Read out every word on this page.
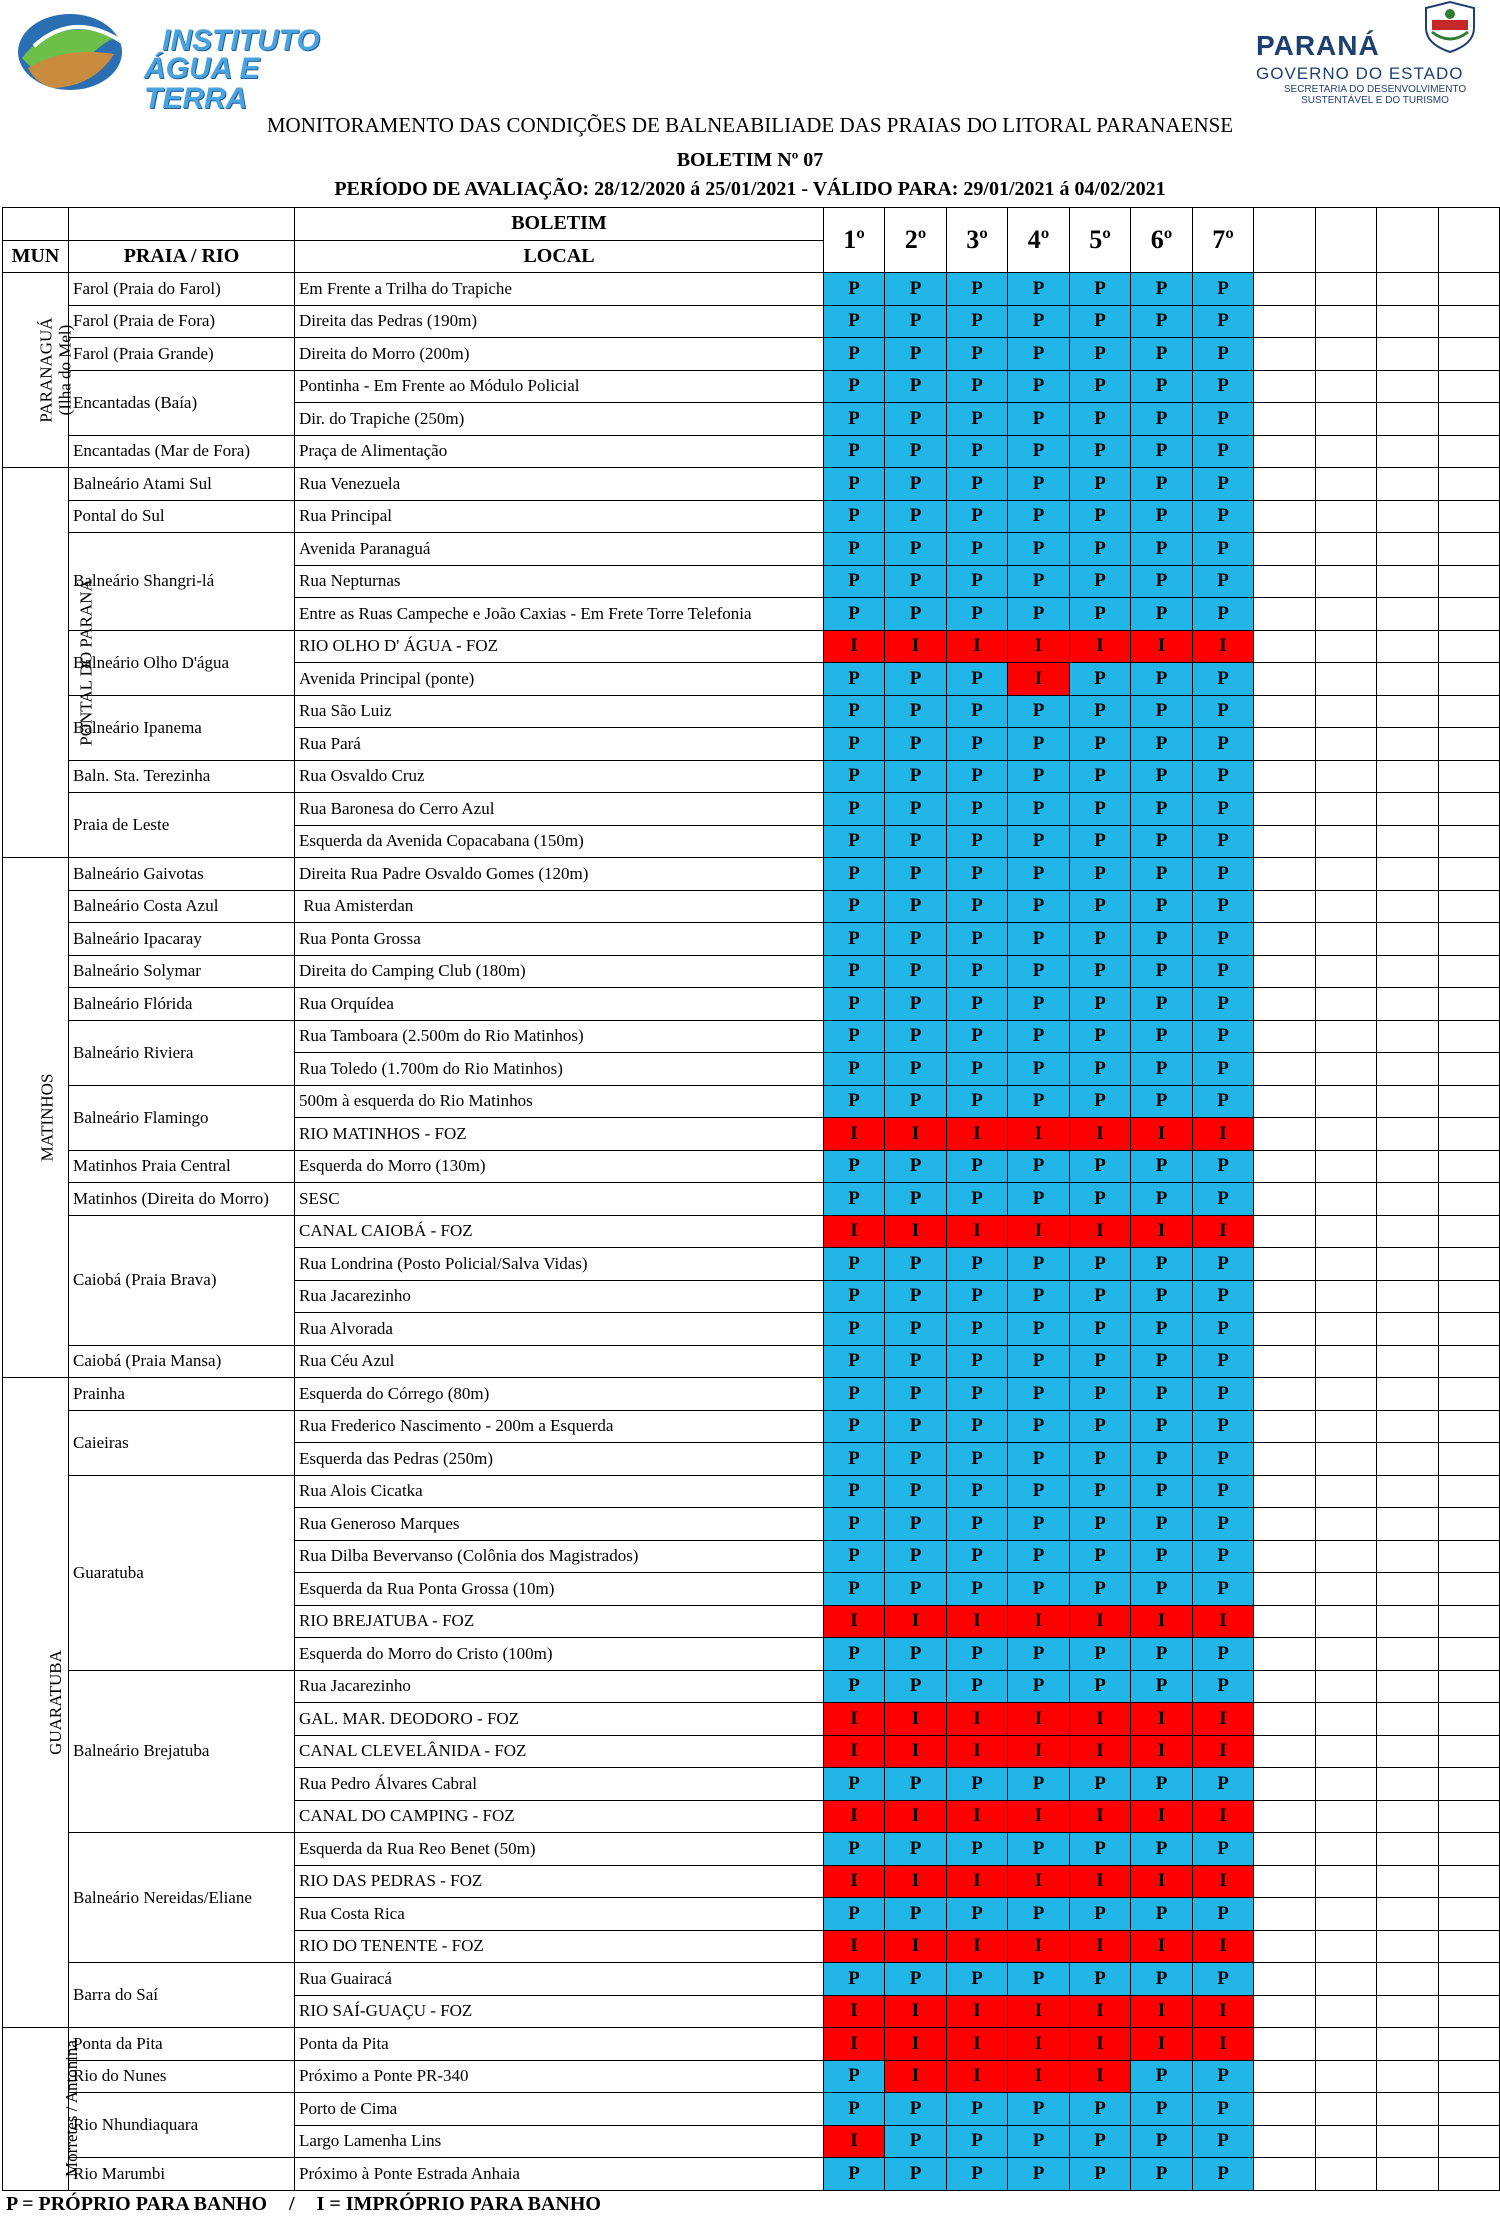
INSTITUTO
ÁGUA E TERRA
PARANÁ
GOVERNO DO ESTADO
SECRETARIA DO DESENVOLVIMENTO
SUSTENTÁVEL E DO TURISMO
MONITORAMENTO DAS CONDIÇÕES DE BALNEABILIADE DAS PRAIAS DO LITORAL PARANAENSE
BOLETIM Nº 07
PERÍODO DE AVALIAÇÃO: 28/12/2020 á 25/01/2021 - VÁLIDO PARA: 29/01/2021 á 04/02/2021
		BOLETIM	1º	2º	3º	4º	5º	6º	7º				
MUN	PRAIA / RIO	LOCAL											

PARANAGUÁ (Ilha do Mel)	Farol (Praia do Farol)	Em Frente a Trilha do Trapiche	P	P	P	P	P	P	P				
	Farol (Praia de Fora)	Direita das Pedras (190m)	P	P	P	P	P	P	P				
	Farol (Praia Grande)	Direita do Morro (200m)	P	P	P	P	P	P	P				
	Encantadas (Baía)	Pontinha - Em Frente ao Módulo Policial	P	P	P	P	P	P	P				
		Dir. do Trapiche (250m)	P	P	P	P	P	P	P				
	Encantadas (Mar de Fora)	Praça de Alimentação	P	P	P	P	P	P	P				

PONTAL DO PARANÁ	Balneário Atami Sul	Rua Venezuela	P	P	P	P	P	P	P				
	Pontal do Sul	Rua Principal	P	P	P	P	P	P	P				
	Balneário Shangri-lá	Avenida Paranaguá	P	P	P	P	P	P	P				
		Rua Nepturnas	P	P	P	P	P	P	P				
		Entre as Ruas Campeche e João Caxias - Em Frete Torre Telefonia	P	P	P	P	P	P	P				
	Balneário Olho D'água	RIO OLHO D' ÁGUA - FOZ	I	I	I	I	I	I	I				
		Avenida Principal (ponte)	P	P	P	I	P	P	P				
	Balneário Ipanema	Rua São Luiz	P	P	P	P	P	P	P				
		Rua Pará	P	P	P	P	P	P	P				
	Baln. Sta. Terezinha	Rua Osvaldo Cruz	P	P	P	P	P	P	P				
	Praia de Leste	Rua Baronesa do Cerro Azul	P	P	P	P	P	P	P				
		Esquerda da Avenida Copacabana (150m)	P	P	P	P	P	P	P				

MATINHOS	Balneário Gaivotas	Direita Rua Padre Osvaldo Gomes (120m)	P	P	P	P	P	P	P				
	Balneário Costa Azul	Rua Amisterdan	P	P	P	P	P	P	P				
	Balneário Ipacaray	Rua Ponta Grossa	P	P	P	P	P	P	P				
	Balneário Solymar	Direita do Camping Club (180m)	P	P	P	P	P	P	P				
	Balneário Flórida	Rua Orquídea	P	P	P	P	P	P	P				
	Balneário Riviera	Rua Tamboara (2.500m do Rio Matinhos)	P	P	P	P	P	P	P				
		Rua Toledo (1.700m do Rio Matinhos)	P	P	P	P	P	P	P				
	Balneário Flamingo	500m à esquerda do Rio Matinhos	P	P	P	P	P	P	P				
		RIO MATINHOS - FOZ	I	I	I	I	I	I	I				
	Matinhos Praia Central	Esquerda do Morro (130m)	P	P	P	P	P	P	P				
	Matinhos (Direita do Morro)	SESC	P	P	P	P	P	P	P				
	Caiobá (Praia Brava)	CANAL CAIOBÁ - FOZ	I	I	I	I	I	I	I				
		Rua Londrina (Posto Policial/Salva Vidas)	P	P	P	P	P	P	P				
		Rua Jacarezinho	P	P	P	P	P	P	P				
		Rua Alvorada	P	P	P	P	P	P	P				
	Caiobá (Praia Mansa)	Rua Céu Azul	P	P	P	P	P	P	P				

GUARATUBA	Prainha	Esquerda do Córrego (80m)	P	P	P	P	P	P	P				
	Caieiras	Rua Frederico Nascimento - 200m a Esquerda	P	P	P	P	P	P	P				
		Esquerda das Pedras (250m)	P	P	P	P	P	P	P				
	Guaratuba	Rua Alois Cicatka	P	P	P	P	P	P	P				
		Rua Generoso Marques	P	P	P	P	P	P	P				
		Rua Dilba Bevervanso (Colônia dos Magistrados)	P	P	P	P	P	P	P				
		Esquerda da Rua Ponta Grossa (10m)	P	P	P	P	P	P	P				
		RIO BREJATUBA - FOZ	I	I	I	I	I	I	I				
		Esquerda do Morro do Cristo (100m)	P	P	P	P	P	P	P				
	Balneário Brejatuba	Rua Jacarezinho	P	P	P	P	P	P	P				
		GAL. MAR. DEODORO - FOZ	I	I	I	I	I	I	I				
		CANAL CLEVELÂNIDA - FOZ	I	I	I	I	I	I	I				
		Rua Pedro Álvares Cabral	P	P	P	P	P	P	P				
		CANAL DO CAMPING - FOZ	I	I	I	I	I	I	I				
	Balneário Nereidas/Eliane	Esquerda da Rua Reo Benet (50m)	P	P	P	P	P	P	P				
		RIO DAS PEDRAS - FOZ	I	I	I	I	I	I	I				
		Rua Costa Rica	P	P	P	P	P	P	P				
		RIO DO TENENTE - FOZ	I	I	I	I	I	I	I				
	Barra do Saí	Rua Guairacá	P	P	P	P	P	P	P				
		RIO SAÍ-GUAÇU - FOZ	I	I	I	I	I	I	I				

Morretes / Antonina	Ponta da Pita	Ponta da Pita	I	I	I	I	I	I	I				
	Rio do Nunes	Próximo a Ponte PR-340	P	I	I	I	I	P	P				
	Rio Nhundiaquara	Porto de Cima	P	P	P	P	P	P	P				
		Largo Lamenha Lins	I	P	P	P	P	P	P				
	Rio Marumbi	Próximo à Ponte Estrada Anhaia	P	P	P	P	P	P	P				
P = PRÓPRIO PARA BANHO / I = IMPRÓPRIO PARA BANHO
